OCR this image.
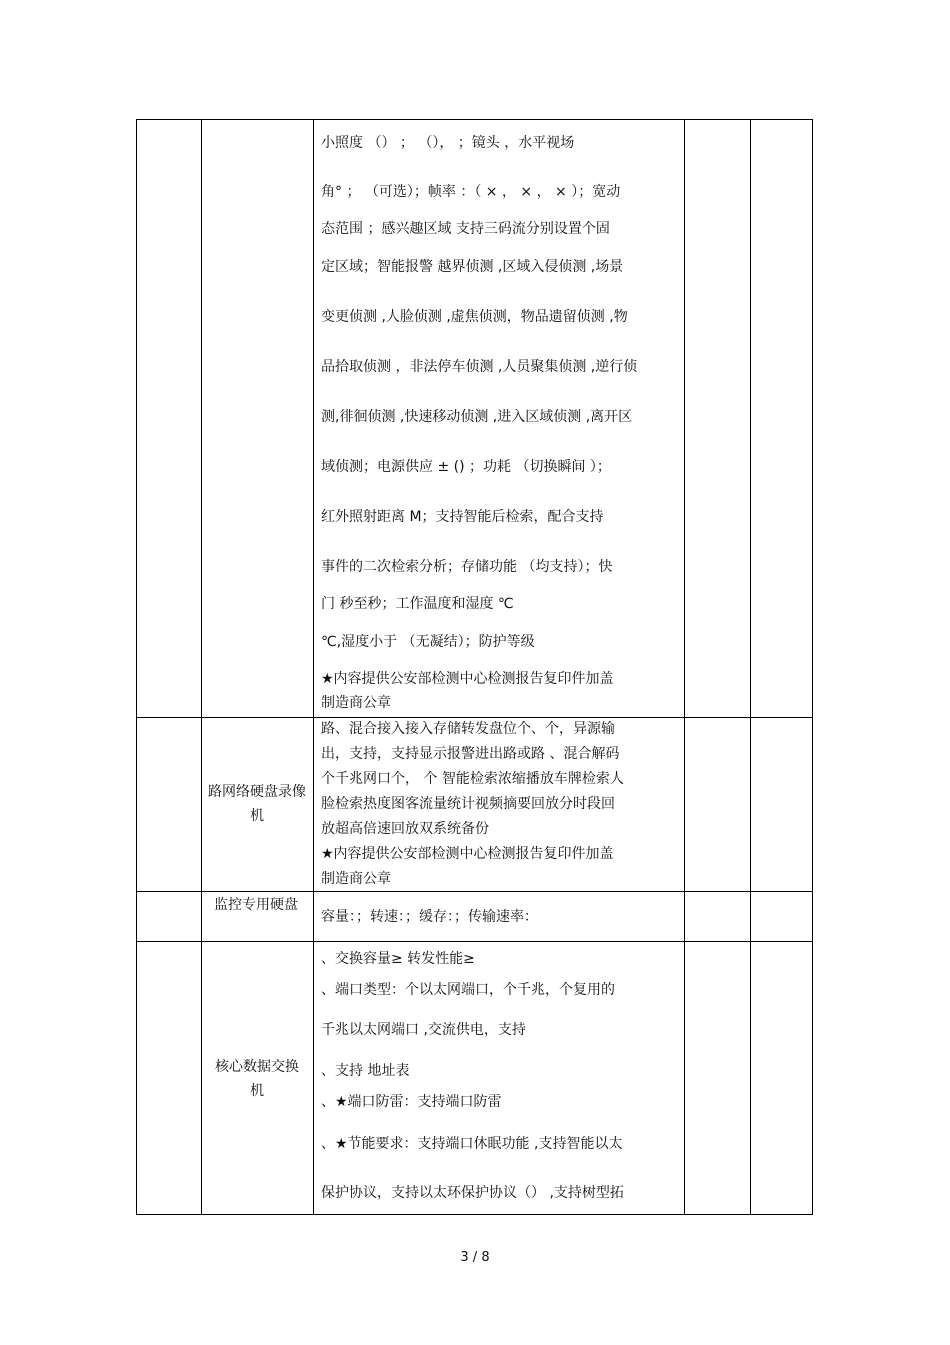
小照度 （） ； （）， ；镜头 ，水平视场
角° ； （可选）；帧率 ：（ × ， × ， × ）；宽动
态范围 ；感兴趣区域 支持三码流分别设置个固
定区域；智能报警 越界侦测 ,区域入侵侦测 ,场景
变更侦测 ,人脸侦测 ,虚焦侦测，物品遗留侦测 ,物
品拾取侦测 ，非法停车侦测 ,人员聚集侦测 ,逆行侦
测,徘徊侦测 ,快速移动侦测 ,进入区域侦测 ,离开区
域侦测；电源供应 ± () ；功耗 （切换瞬间 ）；
红外照射距离 M；支持智能后检索，配合支持
事件的二次检索分析；存储功能 （均支持）；快
门 秒至秒；工作温度和湿度 ℃
℃,湿度小于 （无凝结）；防护等级
★内容提供公安部检测中心检测报告复印件加盖
制造商公章
路网络硬盘录像机
路、混合接入接入存储转发盘位个、个，异源输
出，支持，支持显示报警进出路或路 、混合解码
个千兆网口个， 个 智能检索浓缩播放车牌检索人
脸检索热度图客流量统计视频摘要回放分时段回
放超高倍速回放双系统备份
★内容提供公安部检测中心检测报告复印件加盖
制造商公章
监控专用硬盘
容量：；转速：；缓存：；传输速率：
核心数据交换机
、交换容量≥ 转发性能≥
、端口类型：个以太网端口，个千兆，个复用的
千兆以太网端口 ,交流供电，支持
、支持 地址表
、★端口防雷：支持端口防雷
、★节能要求：支持端口休眠功能 ,支持智能以太
保护协议，支持以太环保护协议（） ,支持树型拓
3 / 8
